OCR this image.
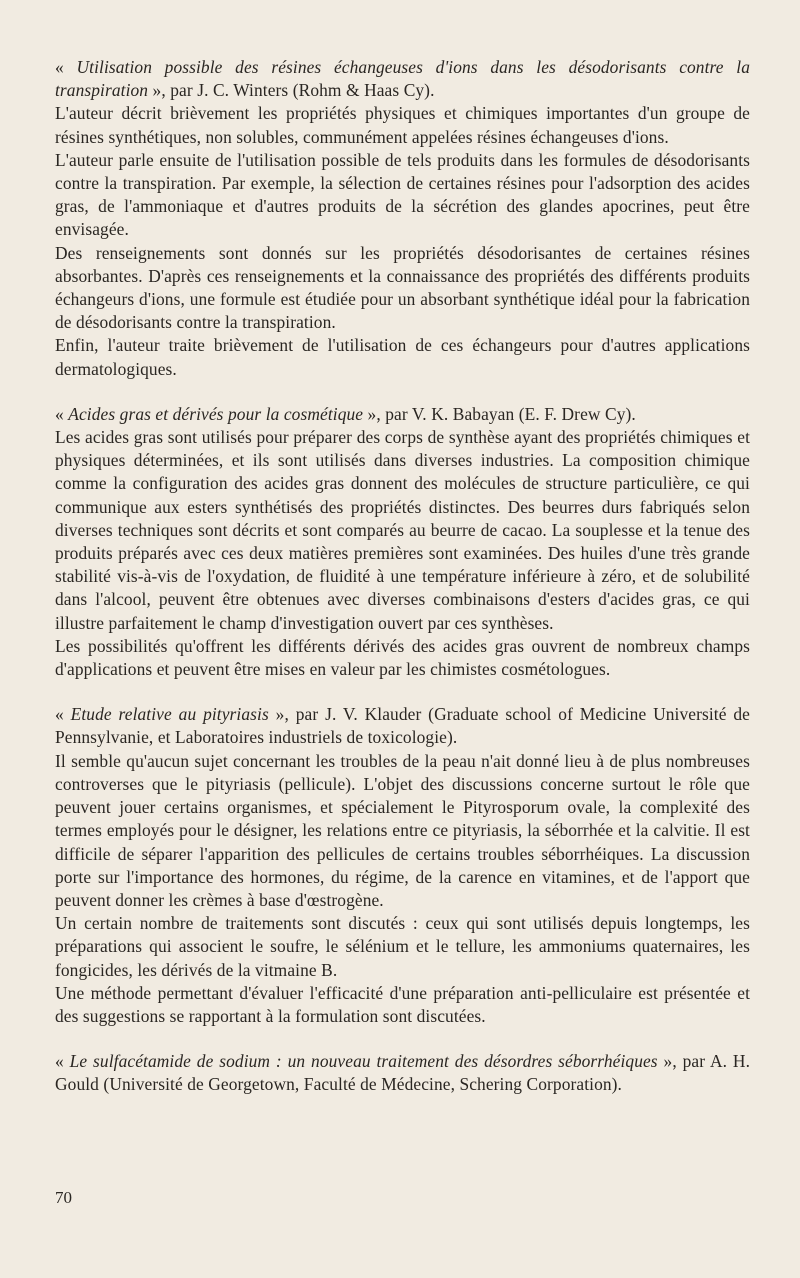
« Utilisation possible des résines échangeuses d'ions dans les désodorisants contre la transpiration », par J. C. Winters (Rohm & Haas Cy).

L'auteur décrit brièvement les propriétés physiques et chimiques importantes d'un groupe de résines synthétiques, non solubles, communément appelées résines échangeuses d'ions.

L'auteur parle ensuite de l'utilisation possible de tels produits dans les formules de désodorisants contre la transpiration. Par exemple, la sélection de certaines résines pour l'adsorption des acides gras, de l'ammoniaque et d'autres produits de la sécrétion des glandes apocrines, peut être envisagée.

Des renseignements sont donnés sur les propriétés désodorisantes de certaines résines absorbantes. D'après ces renseignements et la connaissance des propriétés des différents produits échangeurs d'ions, une formule est étudiée pour un absorbant synthétique idéal pour la fabrication de désodorisants contre la transpiration.

Enfin, l'auteur traite brièvement de l'utilisation de ces échangeurs pour d'autres applications dermatologiques.

« Acides gras et dérivés pour la cosmétique », par V. K. Babayan (E. F. Drew Cy).

Les acides gras sont utilisés pour préparer des corps de synthèse ayant des propriétés chimiques et physiques déterminées, et ils sont utilisés dans diverses industries. La composition chimique comme la configuration des acides gras donnent des molécules de structure particulière, ce qui communique aux esters synthétisés des propriétés distinctes. Des beurres durs fabriqués selon diverses techniques sont décrits et sont comparés au beurre de cacao. La souplesse et la tenue des produits préparés avec ces deux matières premières sont examinées. Des huiles d'une très grande stabilité vis-à-vis de l'oxydation, de fluidité à une température inférieure à zéro, et de solubilité dans l'alcool, peuvent être obtenues avec diverses combinaisons d'esters d'acides gras, ce qui illustre parfaitement le champ d'investigation ouvert par ces synthèses.

Les possibilités qu'offrent les différents dérivés des acides gras ouvrent de nombreux champs d'applications et peuvent être mises en valeur par les chimistes cosmétologues.

« Etude relative au pityriasis », par J. V. Klauder (Graduate school of Medicine Université de Pennsylvanie, et Laboratoires industriels de toxicologie).

Il semble qu'aucun sujet concernant les troubles de la peau n'ait donné lieu à de plus nombreuses controverses que le pityriasis (pellicule). L'objet des discussions concerne surtout le rôle que peuvent jouer certains organismes, et spécialement le Pityrosporum ovale, la complexité des termes employés pour le désigner, les relations entre ce pityriasis, la séborrhée et la calvitie. Il est difficile de séparer l'apparition des pellicules de certains troubles séborrhéiques. La discussion porte sur l'importance des hormones, du régime, de la carence en vitamines, et de l'apport que peuvent donner les crèmes à base d'œstrogène.

Un certain nombre de traitements sont discutés : ceux qui sont utilisés depuis longtemps, les préparations qui associent le soufre, le sélénium et le tellure, les ammoniums quaternaires, les fongicides, les dérivés de la vitmaine B.

Une méthode permettant d'évaluer l'efficacité d'une préparation anti-pelliculaire est présentée et des suggestions se rapportant à la formulation sont discutées.

« Le sulfacétamide de sodium : un nouveau traitement des désordres séborrhéiques », par A. H. Gould (Université de Georgetown, Faculté de Médecine, Schering Corporation).

70
